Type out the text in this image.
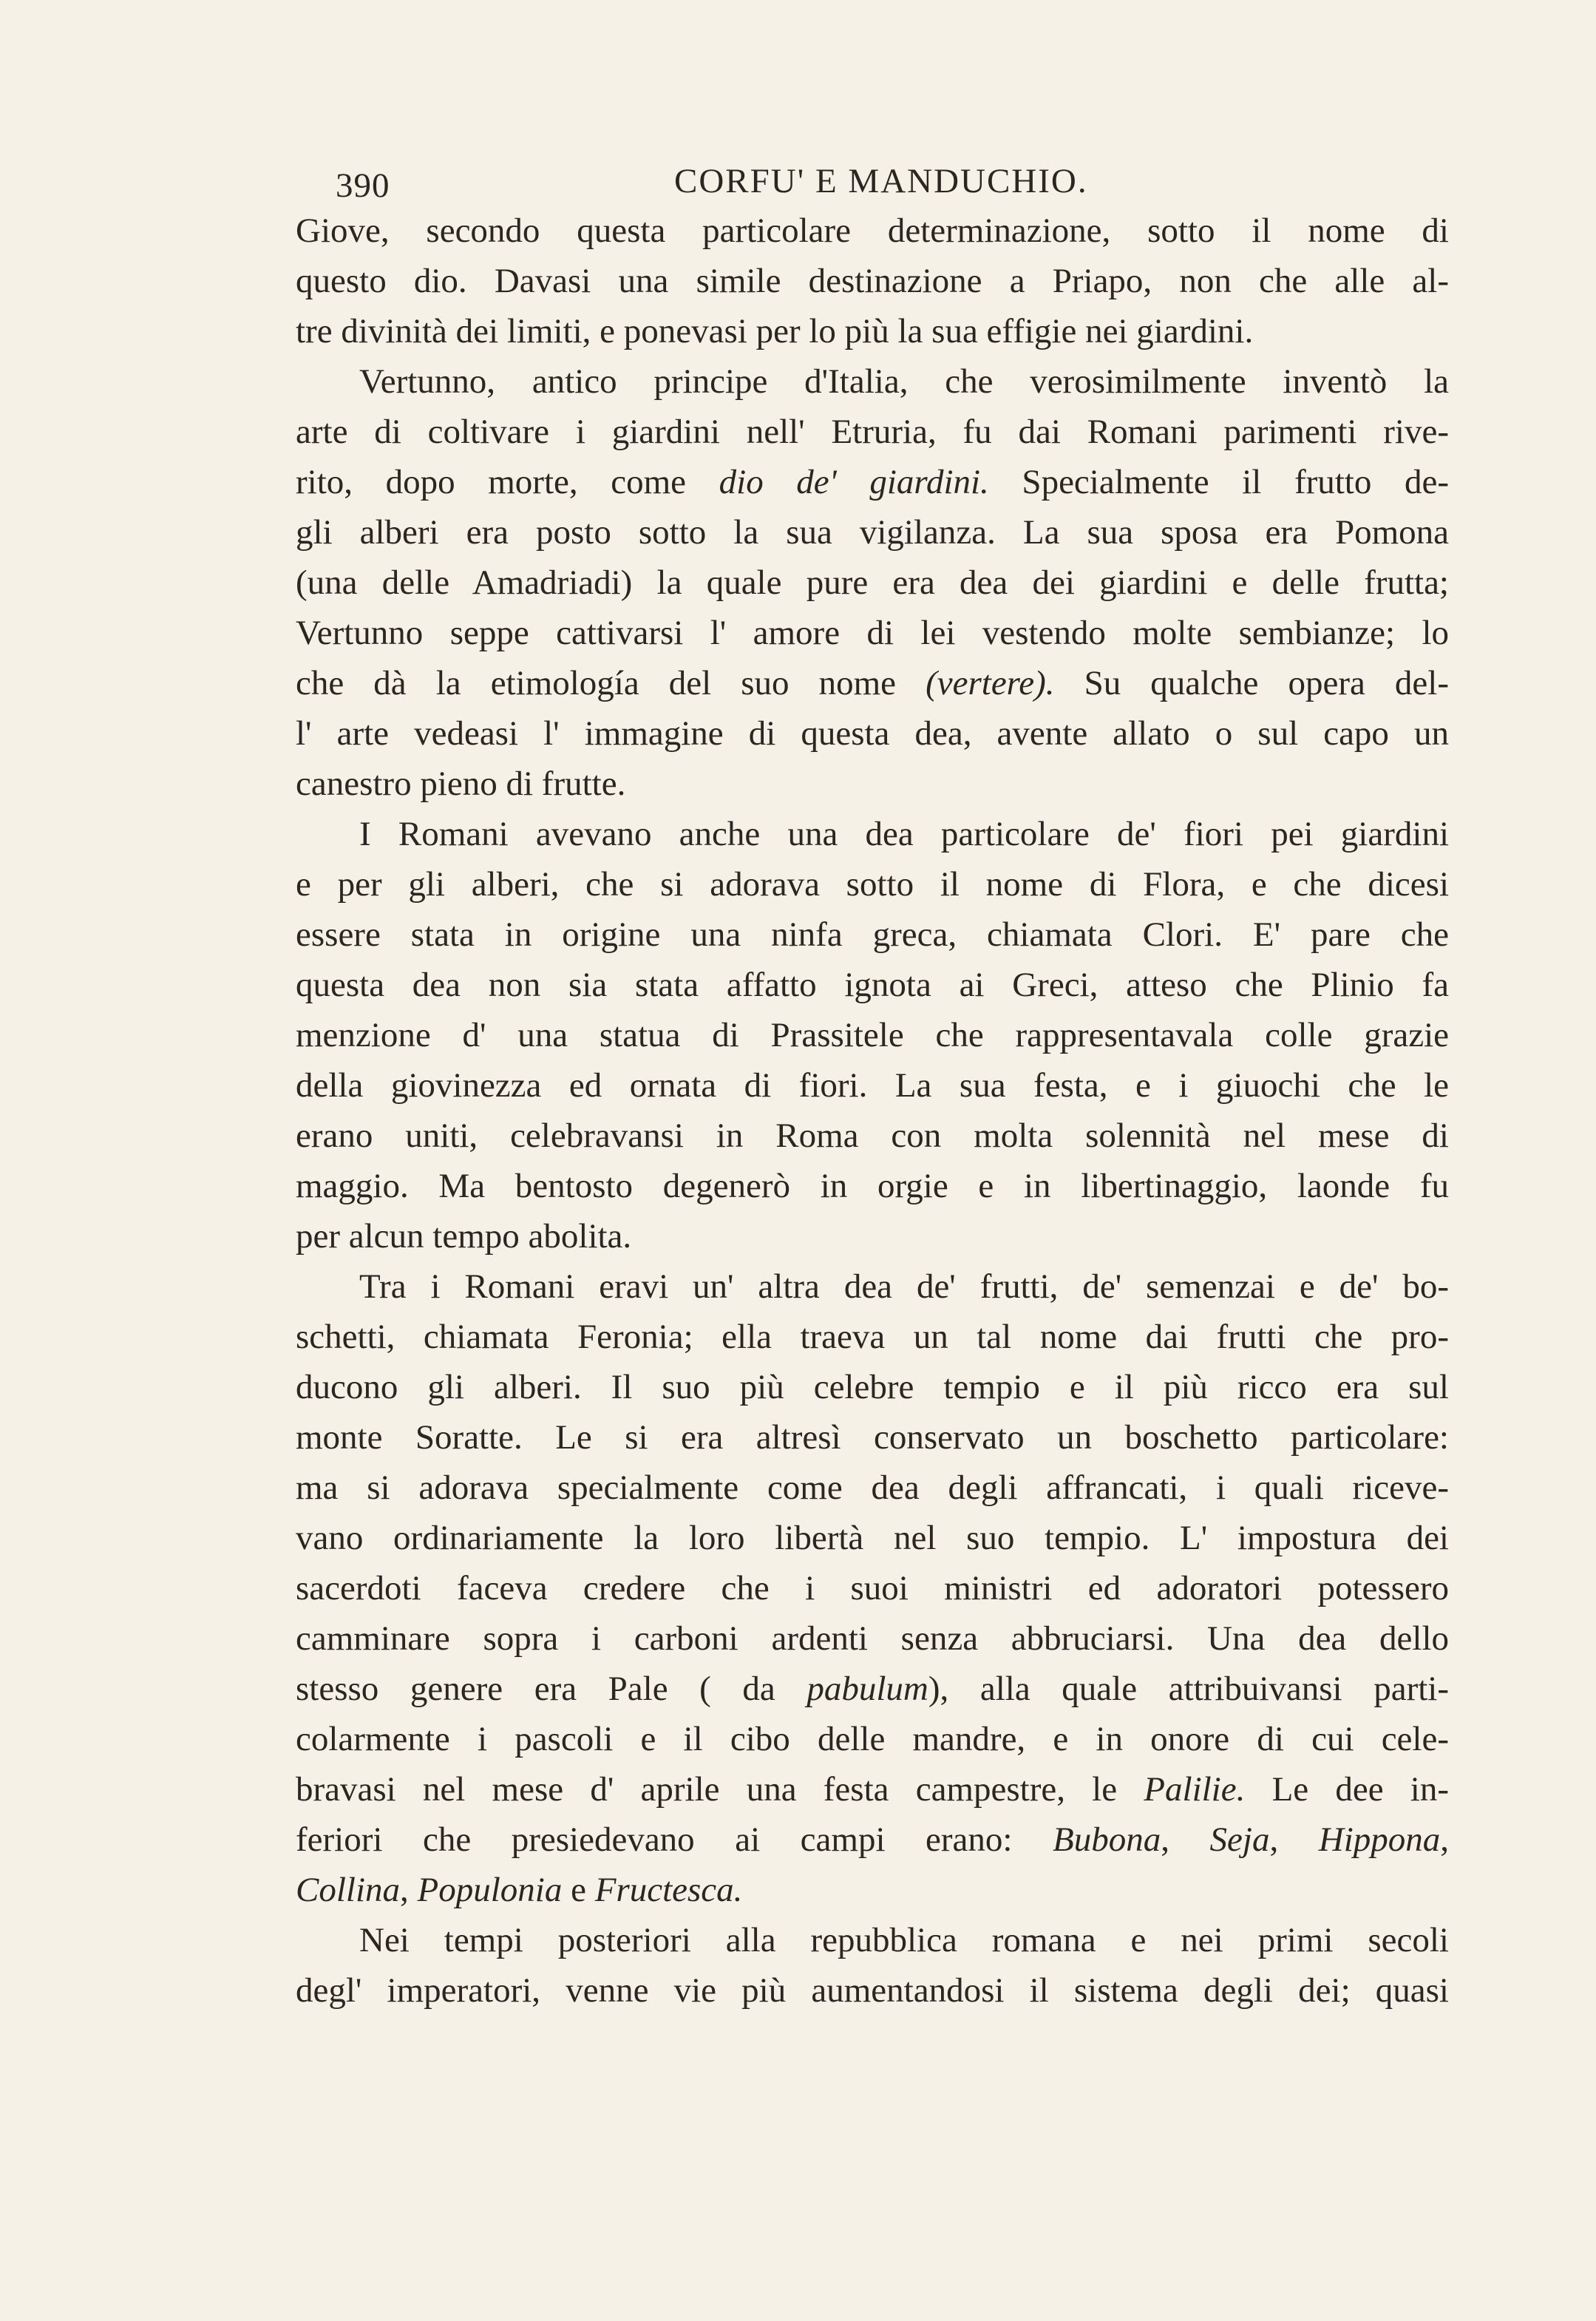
390	CORFU' E MANDUCHIO.
Giove, secondo questa particolare determinazione, sotto il nome di
questo dio. Davasi una simile destinazione a Priapo, non che alle al-
tre divinità dei limiti, e ponevasi per lo più la sua effigie nei giardini.
Vertunno, antico principe d'Italia, che verosimilmente inventò la
arte di coltivare i giardini nell' Etruria, fu dai Romani parimenti rive-
rito, dopo morte, come dio de' giardini. Specialmente il frutto de-
gli alberi era posto sotto la sua vigilanza. La sua sposa era Pomona
(una delle Amadriadi) la quale pure era dea dei giardini e delle frutta;
Vertunno seppe cattivarsi l' amore di lei vestendo molte sembianze; lo
che dà la etimología del suo nome (vertere). Su qualche opera del-
l' arte vedeasi l' immagine di questa dea, avente allato o sul capo un
canestro pieno di frutte.
I Romani avevano anche una dea particolare de' fiori pei giardini
e per gli alberi, che si adorava sotto il nome di Flora, e che dicesi
essere stata in origine una ninfa greca, chiamata Clori. E' pare che
questa dea non sia stata affatto ignota ai Greci, atteso che Plinio fa
menzione d' una statua di Prassitele che rappresentavala colle grazie
della giovinezza ed ornata di fiori. La sua festa, e i giuochi che le
erano uniti, celebravansi in Roma con molta solennità nel mese di
maggio. Ma bentosto degenerò in orgie e in libertinaggio, laonde fu
per alcun tempo abolita.
Tra i Romani eravi un' altra dea de' frutti, de' semenzai e de' bo-
schetti, chiamata Feronia; ella traeva un tal nome dai frutti che pro-
ducono gli alberi. Il suo più celebre tempio e il più ricco era sul
monte Soratte. Le si era altresì conservato un boschetto particolare:
ma si adorava specialmente come dea degli affrancati, i quali riceve-
vano ordinariamente la loro libertà nel suo tempio. L' impostura dei
sacerdoti faceva credere che i suoi ministri ed adoratori potessero
camminare sopra i carboni ardenti senza abbruciarsi. Una dea dello
stesso genere era Pale ( da pabulum), alla quale attribuivansi parti-
colarmente i pascoli e il cibo delle mandre, e in onore di cui cele-
bravasi nel mese d' aprile una festa campestre, le Palilie. Le dee in-
feriori che presiedevano ai campi erano: Bubona, Seja, Hippona,
Collina, Populonia e Fructesca.
Nei tempi posteriori alla repubblica romana e nei primi secoli
degl' imperatori, venne vie più aumentandosi il sistema degli dei; quasi
